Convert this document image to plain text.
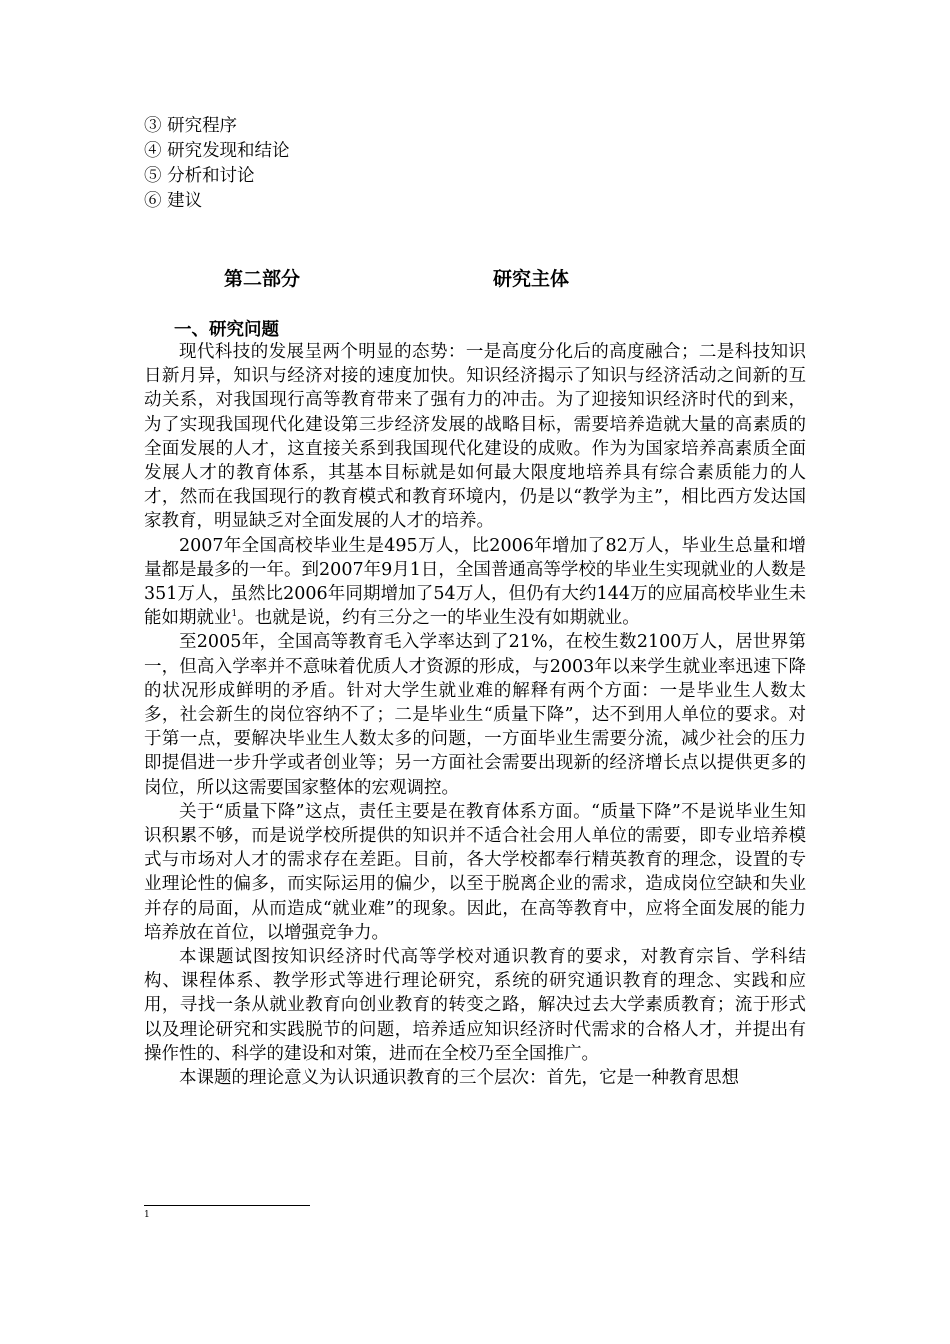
③ 研究程序
④ 研究发现和结论
⑤ 分析和讨论
⑥ 建议
第二部分	研究主体
一、研究问题

现代科技的发展呈两个明显的态势：一是高度分化后的高度融合；二是科技知识日新月异，知识与经济对接的速度加快。知识经济揭示了知识与经济活动之间新的互动关系，对我国现行高等教育带来了强有力的冲击。为了迎接知识经济时代的到来，为了实现我国现代化建设第三步经济发展的战略目标，需要培养造就大量的高素质的全面发展的人才，这直接关系到我国现代化建设的成败。作为为国家培养高素质全面发展人才的教育体系，其基本目标就是如何最大限度地培养具有综合素质能力的人才，然而在我国现行的教育模式和教育环境内，仍是以“教学为主”，相比西方发达国家教育，明显缺乏对全面发展的人才的培养。

2007年全国高校毕业生是495万人，比2006年增加了82万人，毕业生总量和增量都是最多的一年。到2007年9月1日，全国普通高等学校的毕业生实现就业的人数是351万人，虽然比2006年同期增加了54万人，但仍有大约144万的应届高校毕业生未能如期就业$^1$。也就是说，约有三分之一的毕业生没有如期就业。

至2005年，全国高等教育毛入学率达到了21%，在校生数2100万人，居世界第一，但高入学率并不意味着优质人才资源的形成，与2003年以来学生就业率迅速下降的状况形成鲜明的矛盾。针对大学生就业难的解释有两个方面：一是毕业生人数太多，社会新生的岗位容纳不了；二是毕业生“质量下降”，达不到用人单位的要求。对于第一点，要解决毕业生人数太多的问题，一方面毕业生需要分流，减少社会的压力即提倡进一步升学或者创业等；另一方面社会需要出现新的经济增长点以提供更多的岗位，所以这需要国家整体的宏观调控。

关于“质量下降”这点，责任主要是在教育体系方面。“质量下降”不是说毕业生知识积累不够，而是说学校所提供的知识并不适合社会用人单位的需要，即专业培养模式与市场对人才的需求存在差距。目前，各大学校都奉行精英教育的理念，设置的专业理论性的偏多，而实际运用的偏少，以至于脱离企业的需求，造成岗位空缺和失业并存的局面，从而造成“就业难”的现象。因此，在高等教育中，应将全面发展的能力培养放在首位，以增强竞争力。

本课题试图按知识经济时代高等学校对通识教育的要求，对教育宗旨、学科结构、课程体系、教学形式等进行理论研究，系统的研究通识教育的理念、实践和应用，寻找一条从就业教育向创业教育的转变之路，解决过去大学素质教育；流于形式以及理论研究和实践脱节的问题，培养适应知识经济时代需求的合格人才，并提出有操作性的、科学的建设和对策，进而在全校乃至全国推广。

本课题的理论意义为认识通识教育的三个层次：首先，它是一种教育思想

1
